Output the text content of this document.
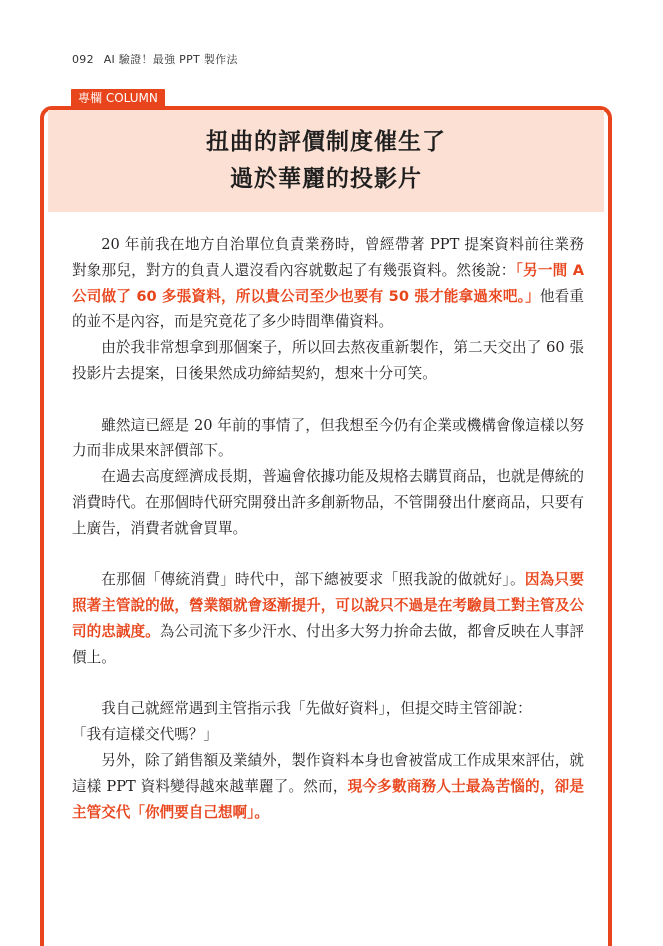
092 AI 驗證！最強 PPT 製作法
專欄 COLUMN
扭曲的評價制度催生了
過於華麗的投影片

20 年前我在地方自治單位負責業務時，曾經帶著 PPT 提案資料前往業務對象那兒，對方的負責人還沒看內容就數起了有幾張資料。然後說：「另一間 A 公司做了 60 多張資料，所以貴公司至少也要有 50 張才能拿過來吧。」他看重的並不是內容，而是究竟花了多少時間準備資料。

由於我非常想拿到那個案子，所以回去熬夜重新製作，第二天交出了 60 張投影片去提案，日後果然成功締結契約，想來十分可笑。

雖然這已經是 20 年前的事情了，但我想至今仍有企業或機構會像這樣以努力而非成果來評價部下。

在過去高度經濟成長期，普遍會依據功能及規格去購買商品，也就是傳統的消費時代。在那個時代研究開發出許多創新物品，不管開發出什麼商品，只要有上廣告，消費者就會買單。

在那個「傳統消費」時代中，部下總被要求「照我說的做就好」。因為只要照著主管說的做，營業額就會逐漸提升，可以說只不過是在考驗員工對主管及公司的忠誠度。為公司流下多少汗水、付出多大努力拚命去做，都會反映在人事評價上。

我自己就經常遇到主管指示我「先做好資料」，但提交時主管卻說：

「我有這樣交代嗎？」

另外，除了銷售額及業績外，製作資料本身也會被當成工作成果來評估，就這樣 PPT 資料變得越來越華麗了。然而，現今多數商務人士最為苦惱的，卻是主管交代「你們要自己想啊」。
